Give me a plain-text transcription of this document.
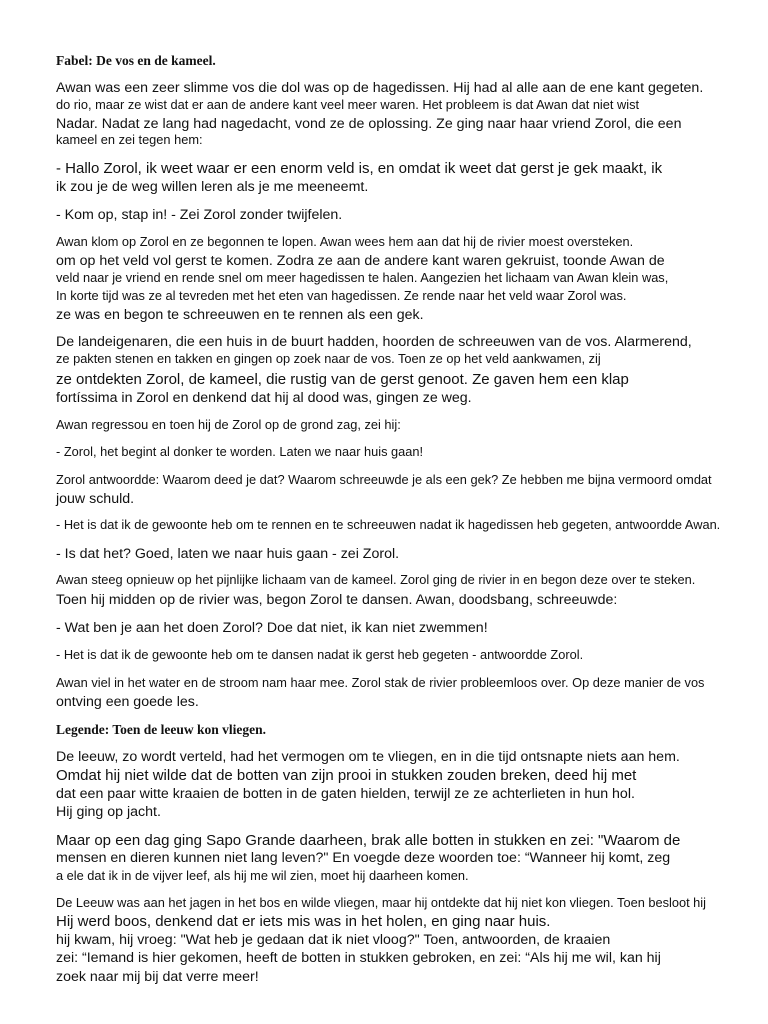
Fabel: De vos en de kameel.
Awan was een zeer slimme vos die dol was op de hagedissen. Hij had al alle aan de ene kant gegeten.
do rio, maar ze wist dat er aan de andere kant veel meer waren. Het probleem is dat Awan dat niet wist
Nadar. Nadat ze lang had nagedacht, vond ze de oplossing. Ze ging naar haar vriend Zorol, die een
kameel en zei tegen hem:
- Hallo Zorol, ik weet waar er een enorm veld is, en omdat ik weet dat gerst je gek maakt, ik
ik zou je de weg willen leren als je me meeneemt.
- Kom op, stap in! - Zei Zorol zonder twijfelen.
Awan klom op Zorol en ze begonnen te lopen. Awan wees hem aan dat hij de rivier moest oversteken.
om op het veld vol gerst te komen. Zodra ze aan de andere kant waren gekruist, toonde Awan de
veld naar je vriend en rende snel om meer hagedissen te halen. Aangezien het lichaam van Awan klein was,
In korte tijd was ze al tevreden met het eten van hagedissen. Ze rende naar het veld waar Zorol was.
ze was en begon te schreeuwen en te rennen als een gek.
De landeigenaren, die een huis in de buurt hadden, hoorden de schreeuwen van de vos. Alarmerend,
ze pakten stenen en takken en gingen op zoek naar de vos. Toen ze op het veld aankwamen, zij
ze ontdekten Zorol, de kameel, die rustig van de gerst genoot. Ze gaven hem een klap
fortíssima in Zorol en denkend dat hij al dood was, gingen ze weg.
Awan regressou en toen hij de Zorol op de grond zag, zei hij:
- Zorol, het begint al donker te worden. Laten we naar huis gaan!
Zorol antwoordde: Waarom deed je dat? Waarom schreeuwde je als een gek? Ze hebben me bijna vermoord omdat
jouw schuld.
- Het is dat ik de gewoonte heb om te rennen en te schreeuwen nadat ik hagedissen heb gegeten, antwoordde Awan.
- Is dat het? Goed, laten we naar huis gaan - zei Zorol.
Awan steeg opnieuw op het pijnlijke lichaam van de kameel. Zorol ging de rivier in en begon deze over te steken.
Toen hij midden op de rivier was, begon Zorol te dansen. Awan, doodsbang, schreeuwde:
- Wat ben je aan het doen Zorol? Doe dat niet, ik kan niet zwemmen!
- Het is dat ik de gewoonte heb om te dansen nadat ik gerst heb gegeten - antwoordde Zorol.
Awan viel in het water en de stroom nam haar mee. Zorol stak de rivier probleemloos over. Op deze manier de vos
ontving een goede les.
Legende: Toen de leeuw kon vliegen.
De leeuw, zo wordt verteld, had het vermogen om te vliegen, en in die tijd ontsnapte niets aan hem.
Omdat hij niet wilde dat de botten van zijn prooi in stukken zouden breken, deed hij met
dat een paar witte kraaien de botten in de gaten hielden, terwijl ze ze achterlieten in hun hol.
Hij ging op jacht.
Maar op een dag ging Sapo Grande daarheen, brak alle botten in stukken en zei: "Waarom de
mensen en dieren kunnen niet lang leven?" En voegde deze woorden toe: “Wanneer hij komt, zeg
a ele dat ik in de vijver leef, als hij me wil zien, moet hij daarheen komen.
De Leeuw was aan het jagen in het bos en wilde vliegen, maar hij ontdekte dat hij niet kon vliegen. Toen besloot hij
Hij werd boos, denkend dat er iets mis was in het holen, en ging naar huis.
hij kwam, hij vroeg: "Wat heb je gedaan dat ik niet vloog?" Toen, antwoorden, de kraaien
zei: “Iemand is hier gekomen, heeft de botten in stukken gebroken, en zei: “Als hij me wil, kan hij
zoek naar mij bij dat verre meer!
